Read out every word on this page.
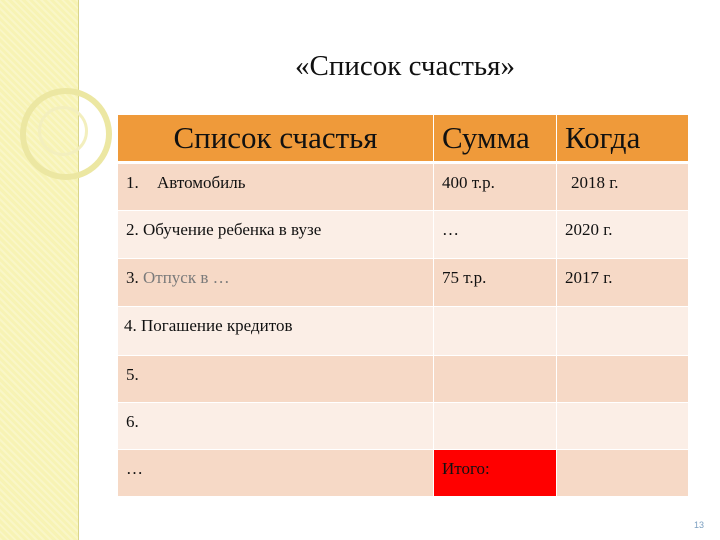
«Список счастья»
Список счастья	Сумма	Когда
1. Автомобиль	400 т.р.	2018 г.
2. Обучение ребенка в вузе	…	2020 г.
3. Отпуск в …	75 т.р.	2017 г.
4. Погашение кредитов		
5.		
6.		
…	Итого:	
13
